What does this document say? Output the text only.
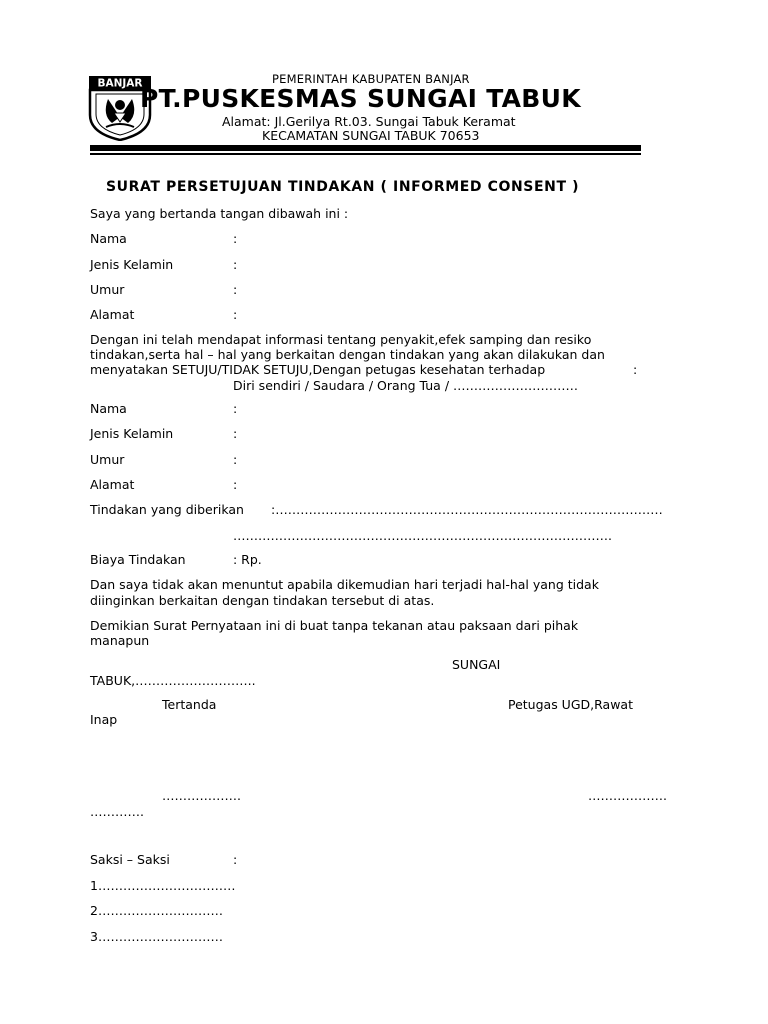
BANJAR	PEMERINTAH KABUPATEN BANJAR
PT.PUSKESMAS SUNGAI TABUK
Alamat: Jl.Gerilya Rt.03. Sungai Tabuk Keramat
KECAMATAN SUNGAI TABUK 70653
SURAT PERSETUJUAN TINDAKAN ( INFORMED CONSENT )
Saya yang bertanda tangan dibawah ini :
Nama	:
Jenis Kelamin	:
Umur	:
Alamat	:
Dengan ini telah mendapat informasi tentang penyakit,efek samping dan resiko
tindakan,serta hal – hal yang berkaitan dengan tindakan yang akan dilakukan dan
menyatakan SETUJU/TIDAK SETUJU,Dengan petugas kesehatan terhadap	:
Diri sendiri / Saudara / Orang Tua / …………………………
Nama	:
Jenis Kelamin	:
Umur	:
Alamat	:
Tindakan yang diberikan :…………………………………………………………………………………
……………………………………………………………………………….
Biaya Tindakan	: Rp.
Dan saya tidak akan menuntut apabila dikemudian hari terjadi hal-hal yang tidak
diinginkan berkaitan dengan tindakan tersebut di atas.
Demikian Surat Pernyataan ini di buat tanpa tekanan atau paksaan dari pihak
manapun
SUNGAI
TABUK,………………………..
Tertanda	Petugas UGD,Rawat
Inap
……………….	……………….
………….
Saksi – Saksi	:
1……………………………
2…………………………
3…………………………
